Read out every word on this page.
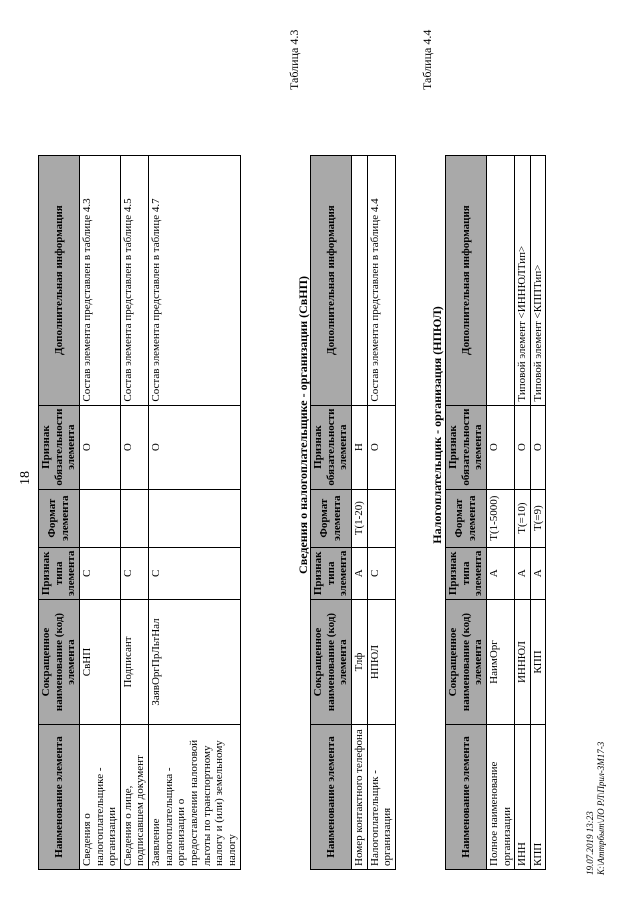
18
Наименование элемента	Сокращенное наименование (код) элемента	Признак типа элемента	Формат элемента	Признак обязательности элемента	Дополнительная информация
Сведения о налогоплательщике - организации	СвНП	С		О	Состав элемента представлен в таблице 4.3
Сведения о лице, подписавшем документ	Подписант	С		О	Состав элемента представлен в таблице 4.5
Заявление налогоплательщика - организации о предоставлении налоговой льготы по транспортному налогу и (или) земельному налогу	ЗаявОргПрЛьтНал	С		О	Состав элемента представлен в таблице 4.7
Таблица 4.3
Сведения о налогоплательщике - организации (СвНП)
Наименование элемента	Сокращенное наименование (код) элемента	Признак типа элемента	Формат элемента	Признак обязательности элемента	Дополнительная информация
Номер контактного телефона	Тлф	А	T(1-20)	Н	
Налогоплательщик - организация	НПЮЛ	С		О	Состав элемента представлен в таблице 4.4
Таблица 4.4
Налогоплательщик - организация (НПЮЛ)
Наименование элемента	Сокращенное наименование (код) элемента	Признак типа элемента	Формат элемента	Признак обязательности элемента	Дополнительная информация
Полное наименование организации	НаимОрг	А	T(1-5000)	О	
ИНН	ИННЮЛ	А	T(=10)	О	Типовой элемент <ИННЮЛТип>
КПП	КПП	А	T(=9)	О	Типовой элемент <КППТип>
19.07.2019 13:23 К:\Аттрбыт\ЛО РЛ\Прил-ЗМ17-3
